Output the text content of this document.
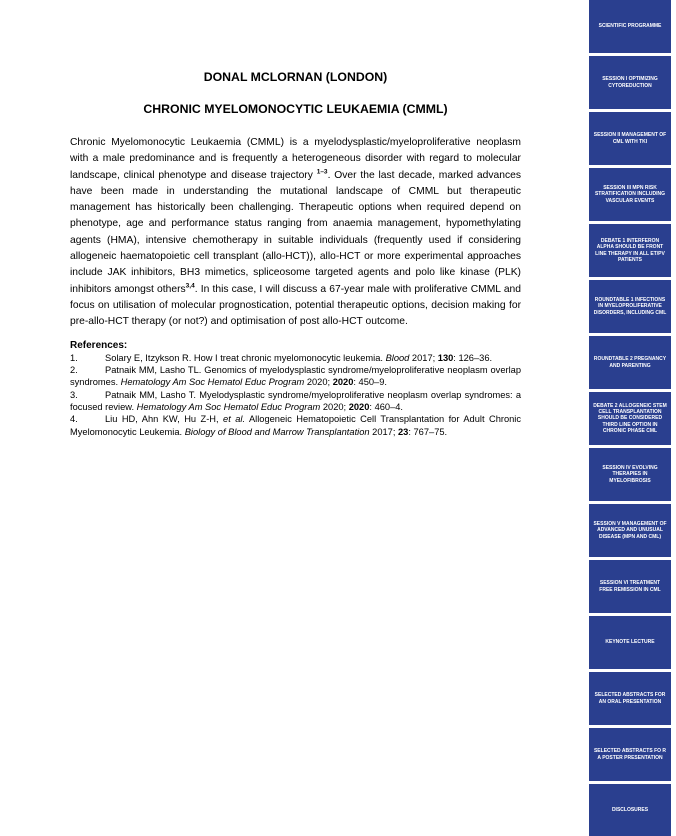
DONAL MCLORNAN (LONDON)

CHRONIC MYELOMONOCYTIC LEUKAEMIA (CMML)

Chronic Myelomonocytic Leukaemia (CMML) is a myelodysplastic/myeloproliferative neoplasm with a male predominance and is frequently a heterogeneous disorder with regard to molecular landscape, clinical phenotype and disease trajectory $^{1-3}$. Over the last decade, marked advances have been made in understanding the mutational landscape of CMML but therapeutic management has historically been challenging. Therapeutic options when required depend on phenotype, age and performance status ranging from anaemia management, hypomethylating agents (HMA), intensive chemotherapy in suitable individuals (frequently used if considering allogeneic haematopoietic cell transplant (allo-HCT)), allo-HCT or more experimental approaches include JAK inhibitors, BH3 mimetics, spliceosome targeted agents and polo like kinase (PLK) inhibitors amongst others$^{3,4}$. In this case, I will discuss a 67-year male with proliferative CMML and focus on utilisation of molecular prognostication, potential therapeutic options, decision making for pre-allo-HCT therapy (or not?) and optimisation of post allo-HCT outcome.

References:

1.	Solary E, Itzykson R. How I treat chronic myelomonocytic leukemia. Blood 2017; 130: 126–36.

2.	Patnaik MM, Lasho TL. Genomics of myelodysplastic syndrome/myeloproliferative neoplasm overlap syndromes. Hematology Am Soc Hematol Educ Program 2020; 2020: 450–9.

3.	Patnaik MM, Lasho T. Myelodysplastic syndrome/myeloproliferative neoplasm overlap syndromes: a focused review. Hematology Am Soc Hematol Educ Program 2020; 2020: 460–4.

4.	Liu HD, Ahn KW, Hu Z-H, et al. Allogeneic Hematopoietic Cell Transplantation for Adult Chronic Myelomonocytic Leukemia. Biology of Blood and Marrow Transplantation 2017; 23: 767–75.

SCIENTIFIC PROGRAMME
SESSION I OPTIMIZING CYTOREDUCTION
SESSION II MANAGEMENT OF CML WITH TKI
SESSION III MPN RISK STRATIFICATION INCLUDING VASCULAR EVENTS
DEBATE 1 INTERFERON ALPHA SHOULD BE FRONT LINE THERAPY IN ALL ET/PV PATIENTS
ROUNDTABLE 1 INFECTIONS IN MYELOPROLIFERATIVE DISORDERS, INCLUDING CML
ROUNDTABLE 2 PREGNANCY AND PARENTING
DEBATE 2 ALLOGENEIC STEM CELL TRANSPLANTATION SHOULD BE CONSIDERED THIRD LINE OPTION IN CHRONIC PHASE CML
SESSION IV EVOLVING THERAPIES IN MYELOFIBROSIS
SESSION V MANAGEMENT OF ADVANCED AND UNUSUAL DISEASE (MPN AND CML)
SESSION VI TREATMENT FREE REMISSION IN CML
KEYNOTE LECTURE
SELECTED ABSTRACTS FOR AN ORAL PRESENTATION
SELECTED ABSTRACTS FO R A POSTER PRESENTATION
DISCLOSURES
